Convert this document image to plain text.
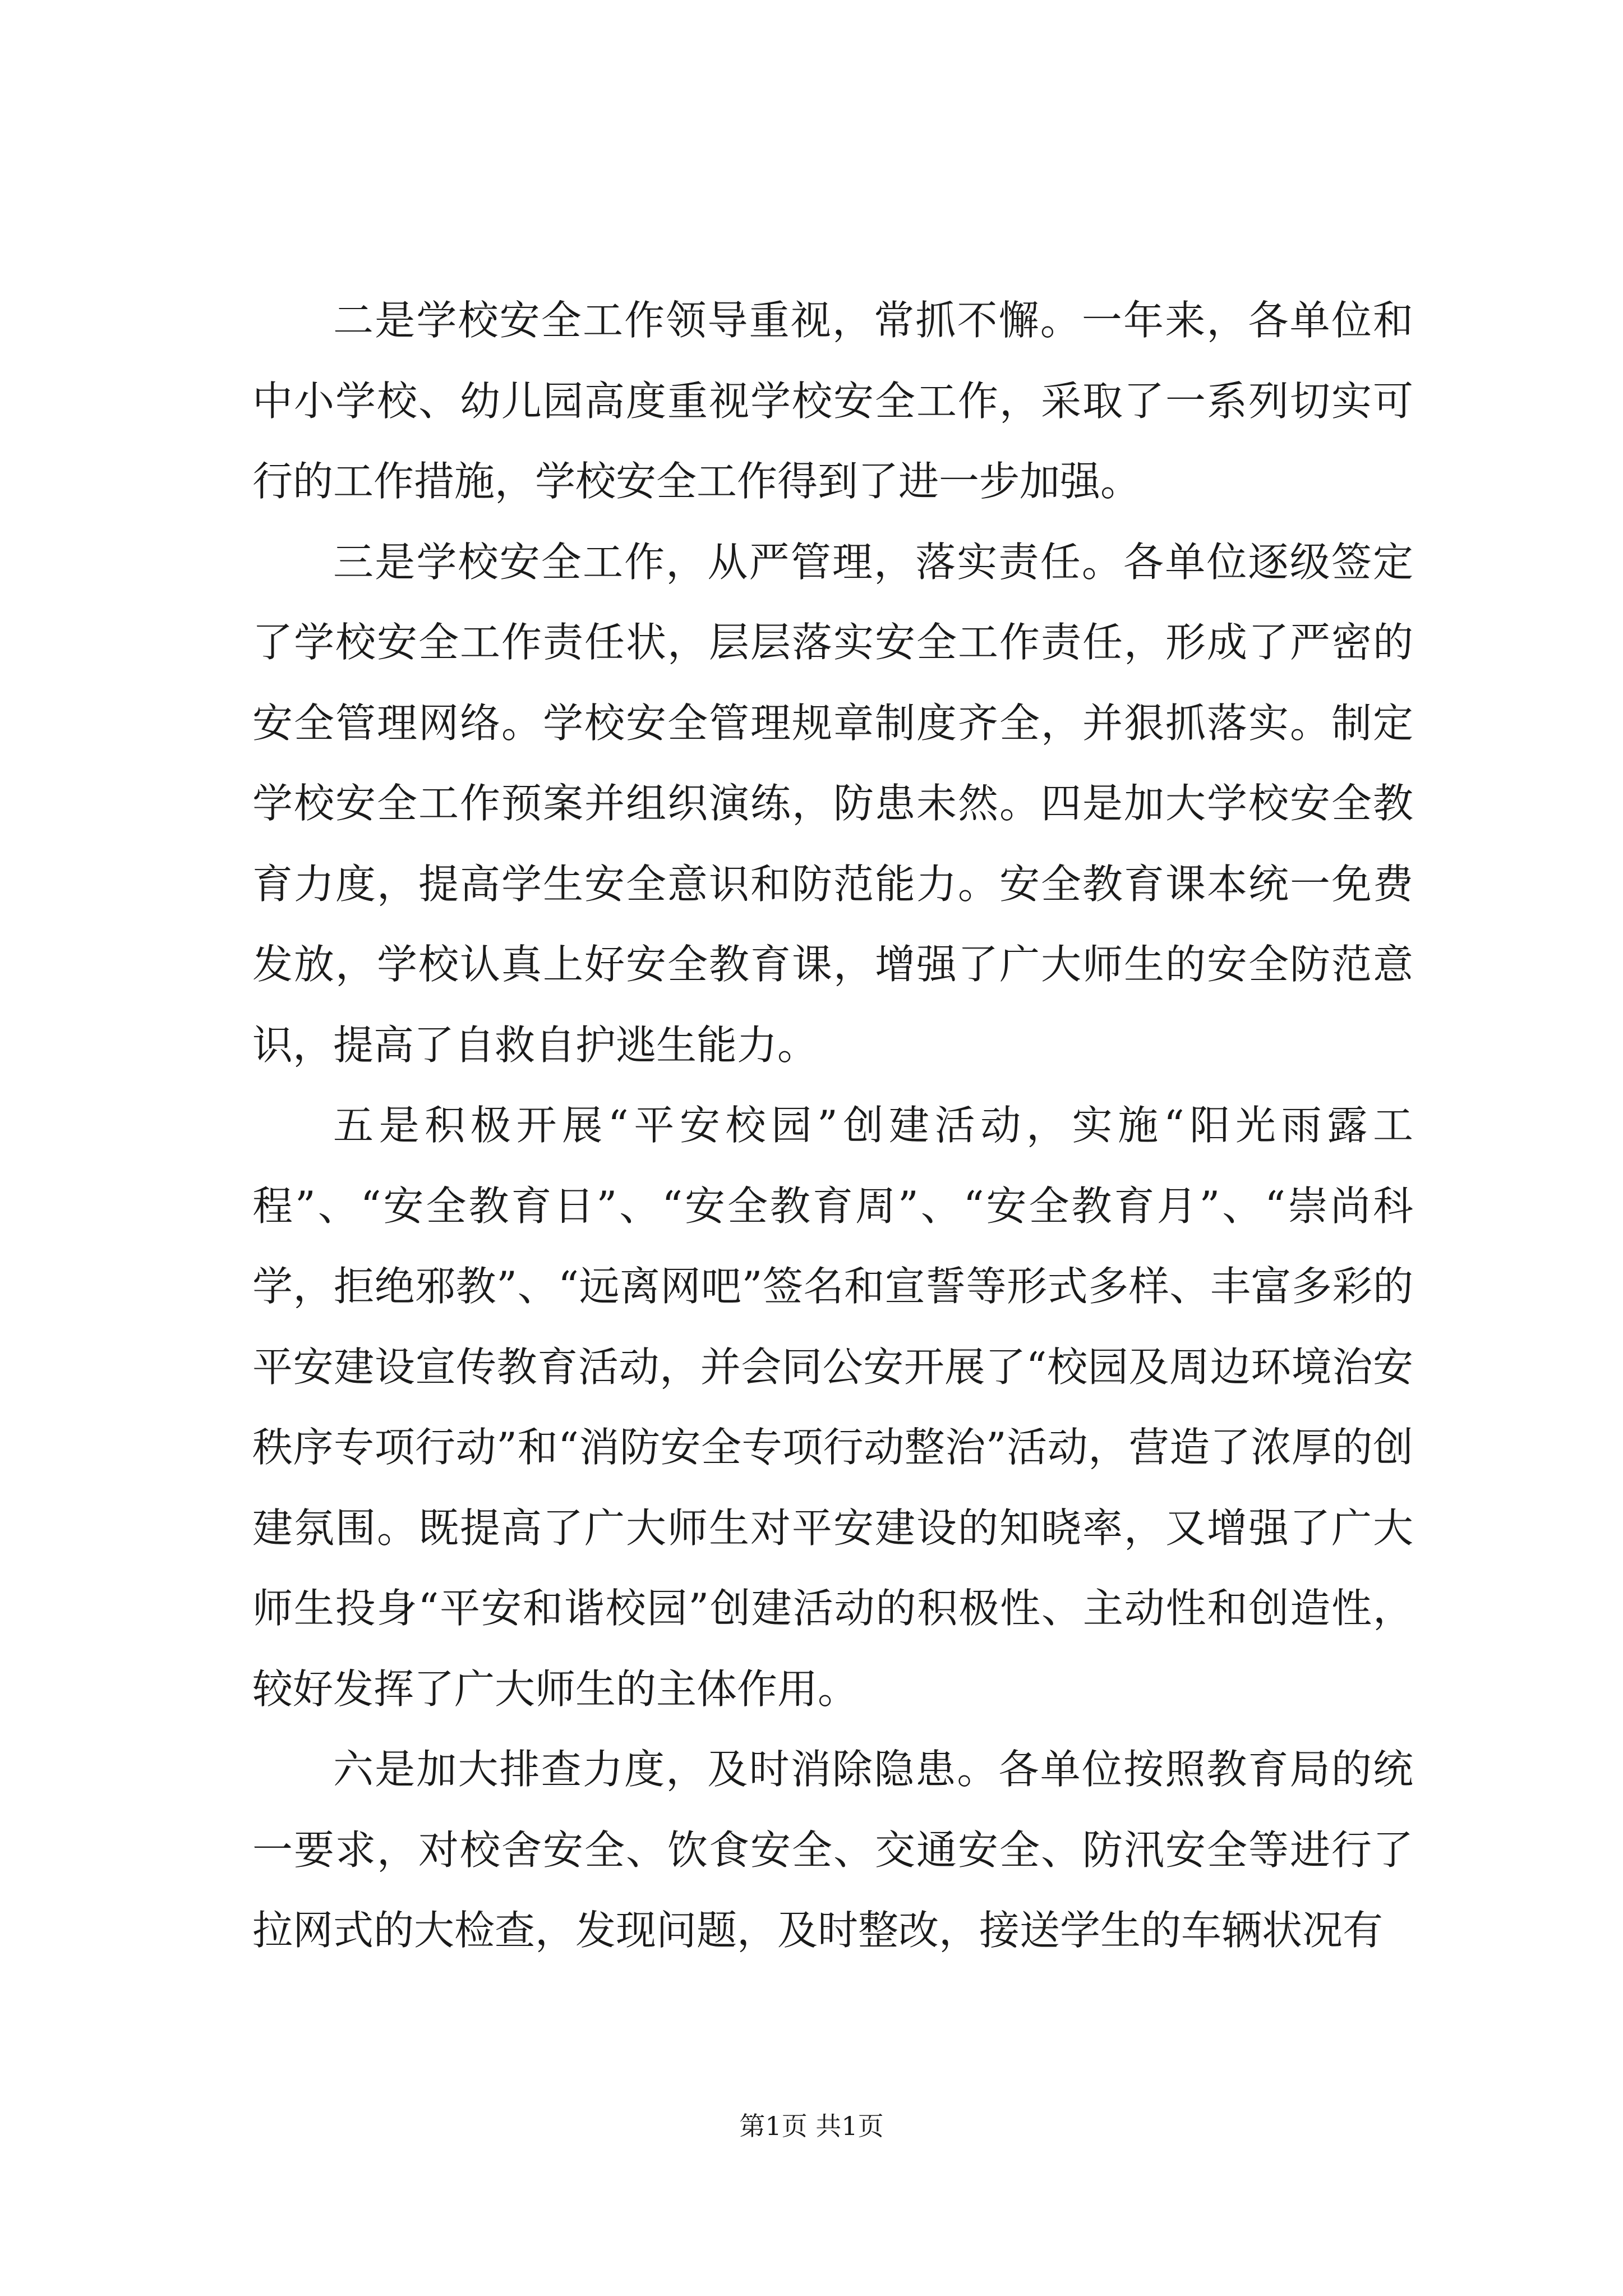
二是学校安全工作领导重视，常抓不懈。一年来，各单位和中小学校、幼儿园高度重视学校安全工作，采取了一系列切实可行的工作措施，学校安全工作得到了进一步加强。

三是学校安全工作，从严管理，落实责任。各单位逐级签定了学校安全工作责任状，层层落实安全工作责任，形成了严密的安全管理网络。学校安全管理规章制度齐全，并狠抓落实。制定学校安全工作预案并组织演练，防患未然。四是加大学校安全教育力度，提高学生安全意识和防范能力。安全教育课本统一免费发放，学校认真上好安全教育课，增强了广大师生的安全防范意识，提高了自救自护逃生能力。

五是积极开展“平安校园”创建活动，实施“阳光雨露工程”、“安全教育日”、“安全教育周”、“安全教育月”、“崇尚科学，拒绝邪教”、“远离网吧”签名和宣誓等形式多样、丰富多彩的平安建设宣传教育活动，并会同公安开展了“校园及周边环境治安秩序专项行动”和“消防安全专项行动整治”活动，营造了浓厚的创建氛围。既提高了广大师生对平安建设的知晓率，又增强了广大师生投身“平安和谐校园”创建活动的积极性、主动性和创造性，较好发挥了广大师生的主体作用。

六是加大排查力度，及时消除隐患。各单位按照教育局的统一要求，对校舍安全、饮食安全、交通安全、防汛安全等进行了拉网式的大检查，发现问题，及时整改，接送学生的车辆状况有

第1页 共1页
